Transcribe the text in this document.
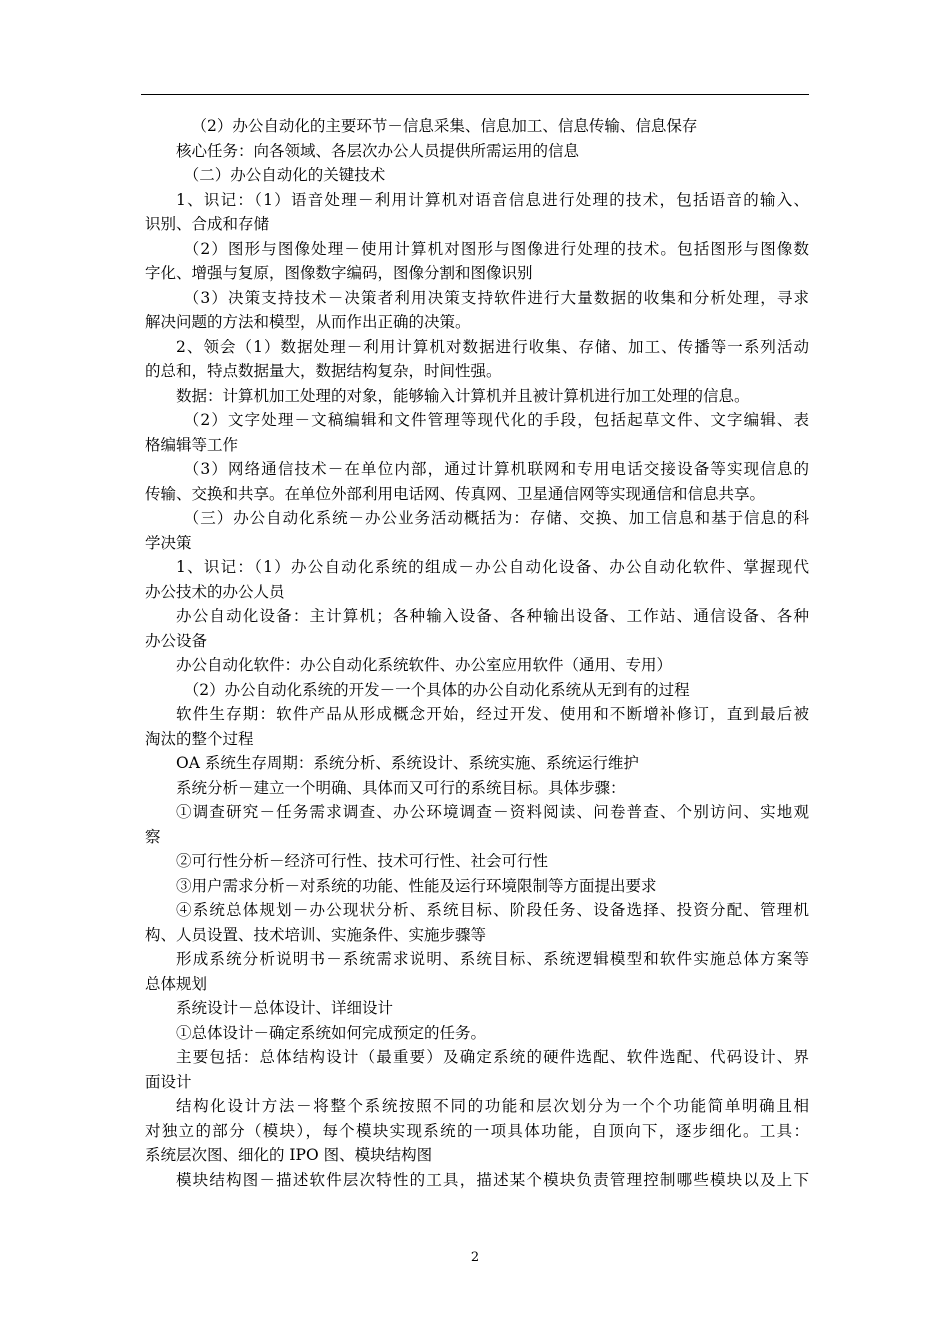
（2）办公自动化的主要环节－信息采集、信息加工、信息传输、信息保存
核心任务：向各领域、各层次办公人员提供所需运用的信息
（二）办公自动化的关键技术
1、识记：（1）语音处理－利用计算机对语音信息进行处理的技术，包括语音的输入、
识别、合成和存储
（2）图形与图像处理－使用计算机对图形与图像进行处理的技术。包括图形与图像数
字化、增强与复原，图像数字编码，图像分割和图像识别
（3）决策支持技术－决策者利用决策支持软件进行大量数据的收集和分析处理，寻求
解决问题的方法和模型，从而作出正确的决策。
2、领会（1）数据处理－利用计算机对数据进行收集、存储、加工、传播等一系列活动
的总和，特点数据量大，数据结构复杂，时间性强。
数据：计算机加工处理的对象，能够输入计算机并且被计算机进行加工处理的信息。
（2）文字处理－文稿编辑和文件管理等现代化的手段，包括起草文件、文字编辑、表
格编辑等工作
（3）网络通信技术－在单位内部，通过计算机联网和专用电话交接设备等实现信息的
传输、交换和共享。在单位外部利用电话网、传真网、卫星通信网等实现通信和信息共享。
（三）办公自动化系统－办公业务活动概括为：存储、交换、加工信息和基于信息的科
学决策
1、识记：（1）办公自动化系统的组成－办公自动化设备、办公自动化软件、掌握现代
办公技术的办公人员
办公自动化设备：主计算机；各种输入设备、各种输出设备、工作站、通信设备、各种
办公设备
办公自动化软件：办公自动化系统软件、办公室应用软件（通用、专用）
（2）办公自动化系统的开发－一个具体的办公自动化系统从无到有的过程
软件生存期：软件产品从形成概念开始，经过开发、使用和不断增补修订，直到最后被
淘汰的整个过程
OA 系统生存周期：系统分析、系统设计、系统实施、系统运行维护
系统分析－建立一个明确、具体而又可行的系统目标。具体步骤：
①调查研究－任务需求调查、办公环境调查－资料阅读、问卷普查、个别访问、实地观
察
②可行性分析－经济可行性、技术可行性、社会可行性
③用户需求分析－对系统的功能、性能及运行环境限制等方面提出要求
④系统总体规划－办公现状分析、系统目标、阶段任务、设备选择、投资分配、管理机
构、人员设置、技术培训、实施条件、实施步骤等
形成系统分析说明书－系统需求说明、系统目标、系统逻辑模型和软件实施总体方案等
总体规划
系统设计－总体设计、详细设计
①总体设计－确定系统如何完成预定的任务。
主要包括：总体结构设计（最重要）及确定系统的硬件选配、软件选配、代码设计、界
面设计
结构化设计方法－将整个系统按照不同的功能和层次划分为一个个功能简单明确且相
对独立的部分（模块），每个模块实现系统的一项具体功能，自顶向下，逐步细化。工具：
系统层次图、细化的 IPO 图、模块结构图
模块结构图－描述软件层次特性的工具，描述某个模块负责管理控制哪些模块以及上下
2
